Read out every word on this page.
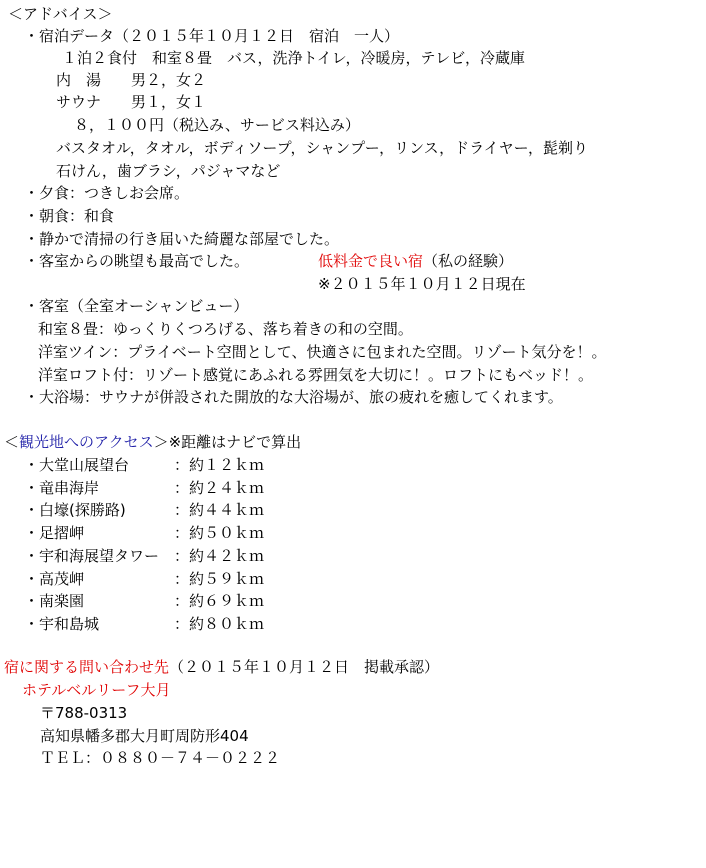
＜アドバイス＞
・宿泊データ（２０１５年１０月１２日　宿泊　一人）
１泊２食付　和室８畳　バス，洗浄トイレ，冷暖房，テレビ，冷蔵庫
内　湯　　男２，女２
サウナ　　男１，女１
８，１００円（税込み、サービス料込み）
バスタオル，タオル，ボディソープ，シャンプー，リンス，ドライヤー，髭剃り
石けん，歯ブラシ，パジャマなど
・夕食：つきしお会席。
・朝食：和食
・静かで清掃の行き届いた綺麗な部屋でした。
・客室からの眺望も最高でした。	低料金で良い宿（私の経験）
※２０１５年１０月１２日現在
・客室（全室オーシャンビュー）
和室８畳：ゆっくりくつろげる、落ち着きの和の空間。
洋室ツイン：プライベート空間として、快適さに包まれた空間。リゾート気分を！。
洋室ロフト付：リゾート感覚にあふれる雰囲気を大切に！。ロフトにもベッド！。
・大浴場：サウナが併設された開放的な大浴場が、旅の疲れを癒してくれます。
＜観光地へのアクセス＞※距離はナビで算出
・大堂山展望台	：約１２ｋｍ
・竜串海岸	：約２４ｋｍ
・白壕(探勝路)	：約４４ｋｍ
・足摺岬	：約５０ｋｍ
・宇和海展望タワー ：約４２ｋｍ
・高茂岬	：約５９ｋｍ
・南楽園	：約６９ｋｍ
・宇和島城	：約８０ｋｍ
宿に関する問い合わせ先（２０１５年１０月１２日　掲載承認）
ホテルベルリーフ大月
〒788-0313
高知県幡多郡大月町周防形404
ＴＥＬ：０８８０－７４－０２２２
